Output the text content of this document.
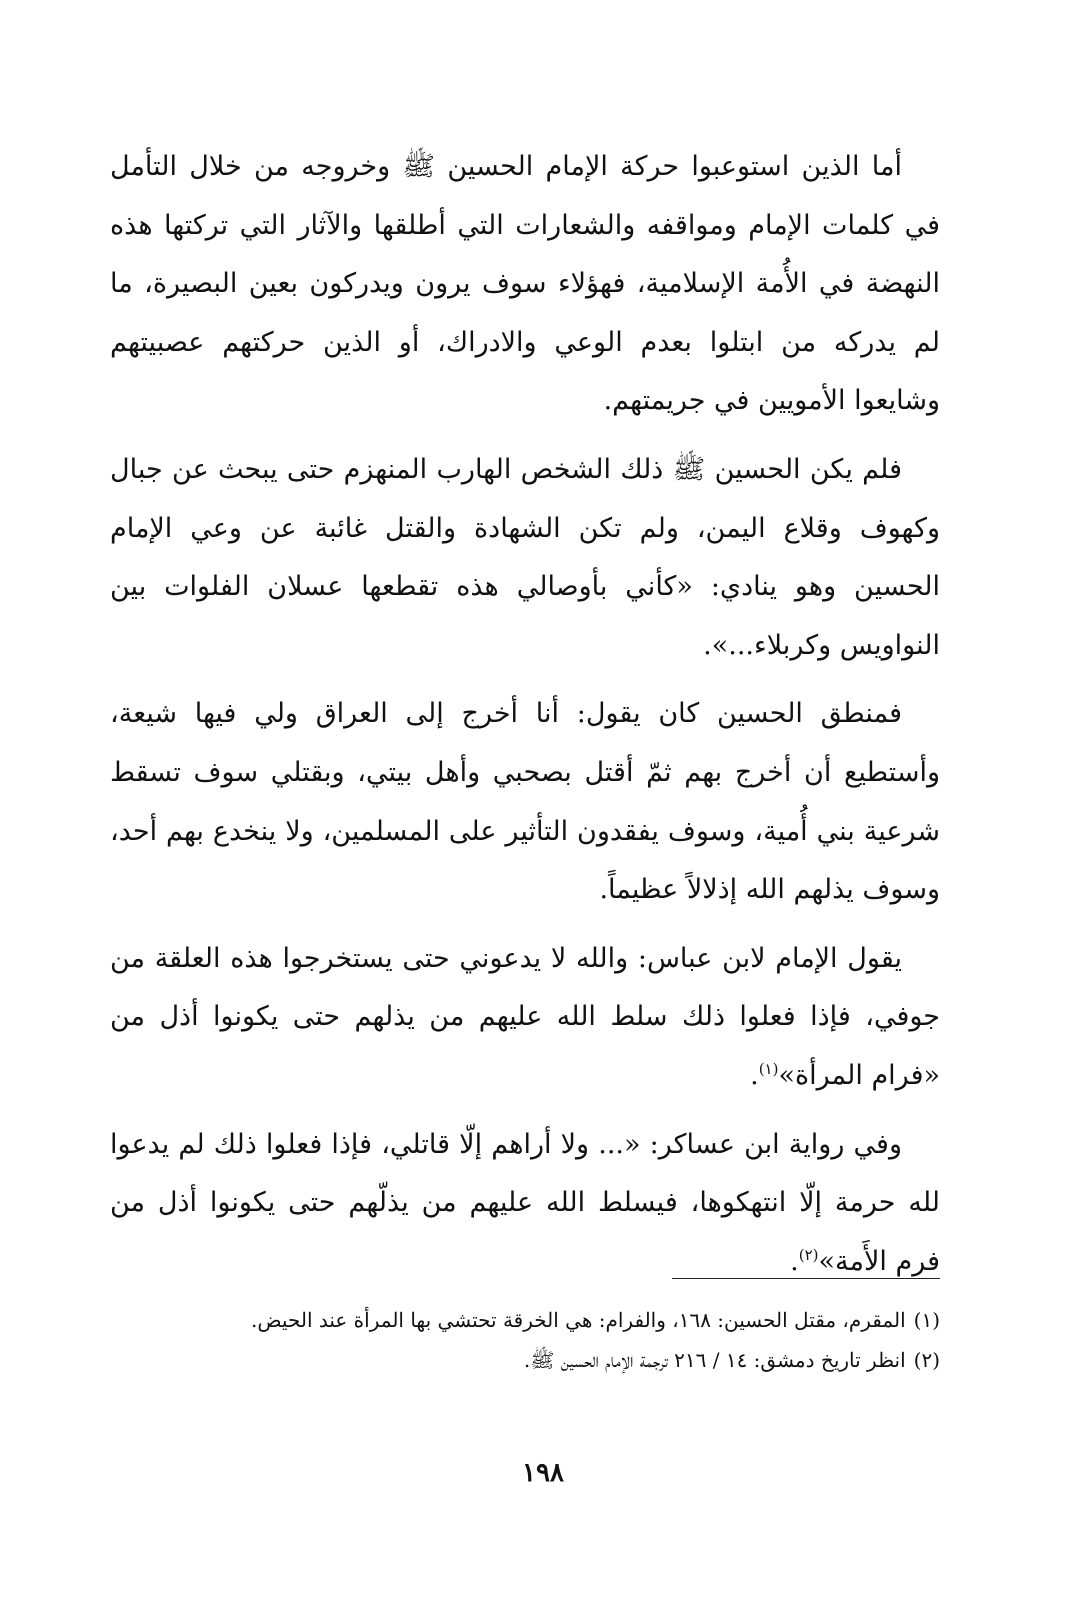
أما الذين استوعبوا حركة الإمام الحسين ﷺ وخروجه من خلال التأمل في كلمات الإمام ومواقفه والشعارات التي أطلقها والآثار التي تركتها هذه النهضة في الأُمة الإسلامية، فهؤلاء سوف يرون ويدركون بعين البصيرة، ما لم يدركه من ابتلوا بعدم الوعي والادراك، أو الذين حركتهم عصبيتهم وشايعوا الأمويين في جريمتهم.

فلم يكن الحسين ﷺ ذلك الشخص الهارب المنهزم حتى يبحث عن جبال وكهوف وقلاع اليمن، ولم تكن الشهادة والقتل غائبة عن وعي الإمام الحسين وهو ينادي: «كأني بأوصالي هذه تقطعها عسلان الفلوات بين النواويس وكربلاء...».

فمنطق الحسين كان يقول: أنا أخرج إلى العراق ولي فيها شيعة، وأستطيع أن أخرج بهم ثمّ أقتل بصحبي وأهل بيتي، وبقتلي سوف تسقط شرعية بني أُمية، وسوف يفقدون التأثير على المسلمين، ولا ينخدع بهم أحد، وسوف يذلهم الله إذلالاً عظيماً.

يقول الإمام لابن عباس: والله لا يدعوني حتى يستخرجوا هذه العلقة من جوفي، فإذا فعلوا ذلك سلط الله عليهم من يذلهم حتى يكونوا أذل من «فرام المرأة»$^{(١)}$.

وفي رواية ابن عساكر: «... ولا أراهم إلّا قاتلي، فإذا فعلوا ذلك لم يدعوا لله حرمة إلّا انتهكوها، فيسلط الله عليهم من يذلّهم حتى يكونوا أذل من فرم الأَمة»$^{(٢)}$.

(١)المقرم، مقتل الحسين: ١٦٨، والفرام: هي الخرقة تحتشي بها المرأة عند الحيض.

(٢)انظر تاريخ دمشق: ١٤ / ٢١٦ ترجمة الإمام الحسين ﷺ.

١٩٨
